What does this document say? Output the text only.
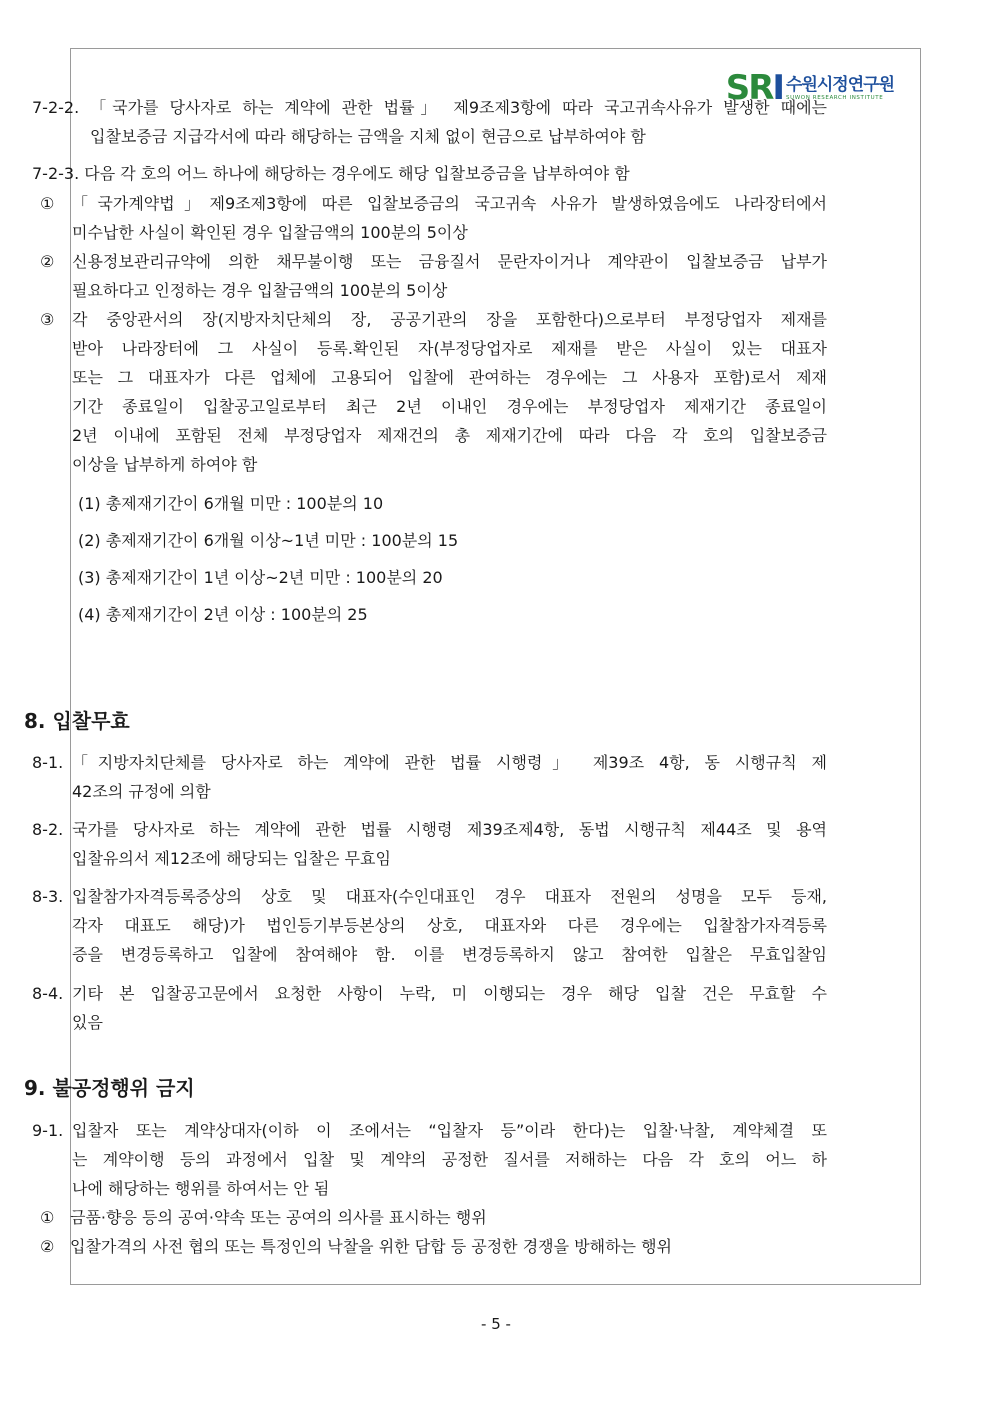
SRI 수원시정연구원
SUWON RESEARCH INSTITUTE
7-2-2. 「국가를 당사자로 하는 계약에 관한 법률」 제9조제3항에 따라 국고귀속사유가 발생한 때에는
입찰보증금 지급각서에 따라 해당하는 금액을 지체 없이 현금으로 납부하여야 함
7-2-3. 다음 각 호의 어느 하나에 해당하는 경우에도 해당 입찰보증금을 납부하여야 함
① 「국가계약법」제9조제3항에 따른 입찰보증금의 국고귀속 사유가 발생하였음에도 나라장터에서
미수납한 사실이 확인된 경우 입찰금액의 100분의 5이상
② 신용정보관리규약에 의한 채무불이행 또는 금융질서 문란자이거나 계약관이 입찰보증금 납부가
필요하다고 인정하는 경우 입찰금액의 100분의 5이상
③ 각 중앙관서의 장(지방자치단체의 장, 공공기관의 장을 포함한다)으로부터 부정당업자 제재를
받아 나라장터에 그 사실이 등록.확인된 자(부정당업자로 제재를 받은 사실이 있는 대표자
또는 그 대표자가 다른 업체에 고용되어 입찰에 관여하는 경우에는 그 사용자 포함)로서 제재
기간 종료일이 입찰공고일로부터 최근 2년 이내인 경우에는 부정당업자 제재기간 종료일이
2년 이내에 포함된 전체 부정당업자 제재건의 총 제재기간에 따라 다음 각 호의 입찰보증금
이상을 납부하게 하여야 함
(1) 총제재기간이 6개월 미만 : 100분의 10
(2) 총제재기간이 6개월 이상~1년 미만 : 100분의 15
(3) 총제재기간이 1년 이상~2년 미만 : 100분의 20
(4) 총제재기간이 2년 이상 : 100분의 25
8. 입찰무효
8-1. 「지방자치단체를 당사자로 하는 계약에 관한 법률 시행령」 제39조 4항, 동 시행규칙 제
42조의 규정에 의함
8-2. 국가를 당사자로 하는 계약에 관한 법률 시행령 제39조제4항, 동법 시행규칙 제44조 및 용역
입찰유의서 제12조에 해당되는 입찰은 무효임
8-3. 입찰참가자격등록증상의 상호 및 대표자(수인대표인 경우 대표자 전원의 성명을 모두 등재,
각자 대표도 해당)가 법인등기부등본상의 상호, 대표자와 다른 경우에는 입찰참가자격등록
증을 변경등록하고 입찰에 참여해야 함. 이를 변경등록하지 않고 참여한 입찰은 무효입찰임
8-4. 기타 본 입찰공고문에서 요청한 사항이 누락, 미 이행되는 경우 해당 입찰 건은 무효할 수
있음
9. 불공정행위 금지
9-1. 입찰자 또는 계약상대자(이하 이 조에서는 “입찰자 등”이라 한다)는 입찰·낙찰, 계약체결 또
는 계약이행 등의 과정에서 입찰 및 계약의 공정한 질서를 저해하는 다음 각 호의 어느 하
나에 해당하는 행위를 하여서는 안 됨
① 금품·향응 등의 공여·약속 또는 공여의 의사를 표시하는 행위
② 입찰가격의 사전 협의 또는 특정인의 낙찰을 위한 담합 등 공정한 경쟁을 방해하는 행위
- 5 -
